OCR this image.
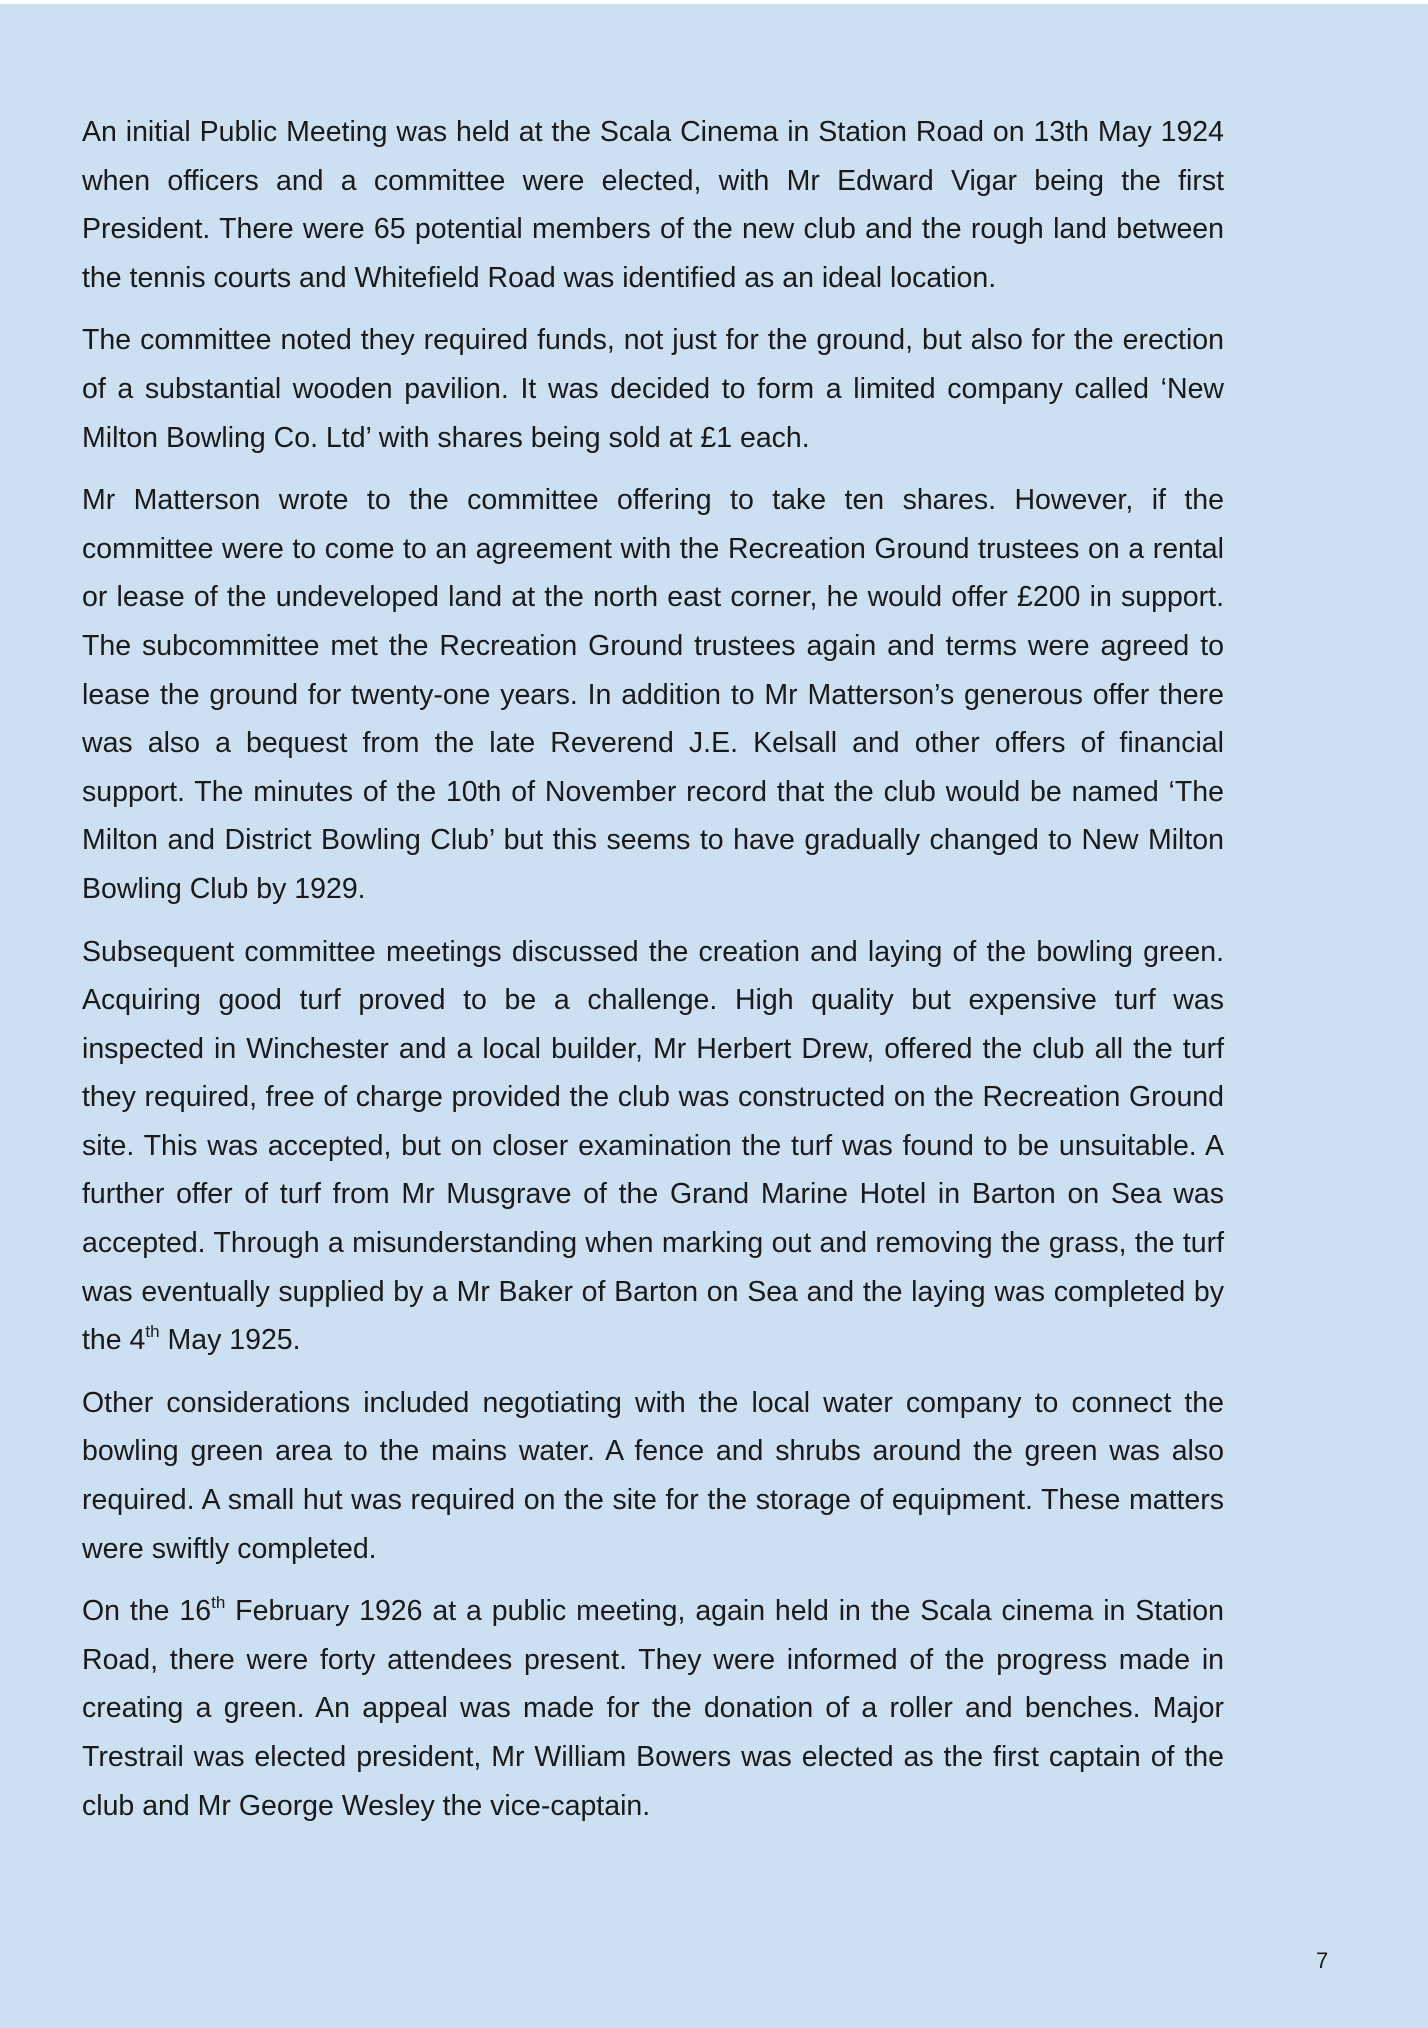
An initial Public Meeting was held at the Scala Cinema in Station Road on 13th May 1924 when officers and a committee were elected, with Mr Edward Vigar being the first President. There were 65 potential members of the new club and the rough land between the tennis courts and Whitefield Road was identified as an ideal location.

The committee noted they required funds, not just for the ground, but also for the erection of a substantial wooden pavilion. It was decided to form a limited company called ‘New Milton Bowling Co. Ltd’ with shares being sold at £1 each.

Mr Matterson wrote to the committee offering to take ten shares. However, if the committee were to come to an agreement with the Recreation Ground trustees on a rental or lease of the undeveloped land at the north east corner, he would offer £200 in support. The subcommittee met the Recreation Ground trustees again and terms were agreed to lease the ground for twenty-one years. In addition to Mr Matterson’s generous offer there was also a bequest from the late Reverend J.E. Kelsall and other offers of financial support. The minutes of the 10th of November record that the club would be named ‘The Milton and District Bowling Club’ but this seems to have gradually changed to New Milton Bowling Club by 1929.

Subsequent committee meetings discussed the creation and laying of the bowling green. Acquiring good turf proved to be a challenge. High quality but expensive turf was inspected in Winchester and a local builder, Mr Herbert Drew, offered the club all the turf they required, free of charge provided the club was constructed on the Recreation Ground site. This was accepted, but on closer examination the turf was found to be unsuitable. A further offer of turf from Mr Musgrave of the Grand Marine Hotel in Barton on Sea was accepted. Through a misunderstanding when marking out and removing the grass, the turf was eventually supplied by a Mr Baker of Barton on Sea and the laying was completed by the 4th May 1925.

Other considerations included negotiating with the local water company to connect the bowling green area to the mains water. A fence and shrubs around the green was also required. A small hut was required on the site for the storage of equipment. These matters were swiftly completed.

On the 16th February 1926 at a public meeting, again held in the Scala cinema in Station Road, there were forty attendees present. They were informed of the progress made in creating a green. An appeal was made for the donation of a roller and benches. Major Trestrail was elected president, Mr William Bowers was elected as the first captain of the club and Mr George Wesley the vice-captain.

7
